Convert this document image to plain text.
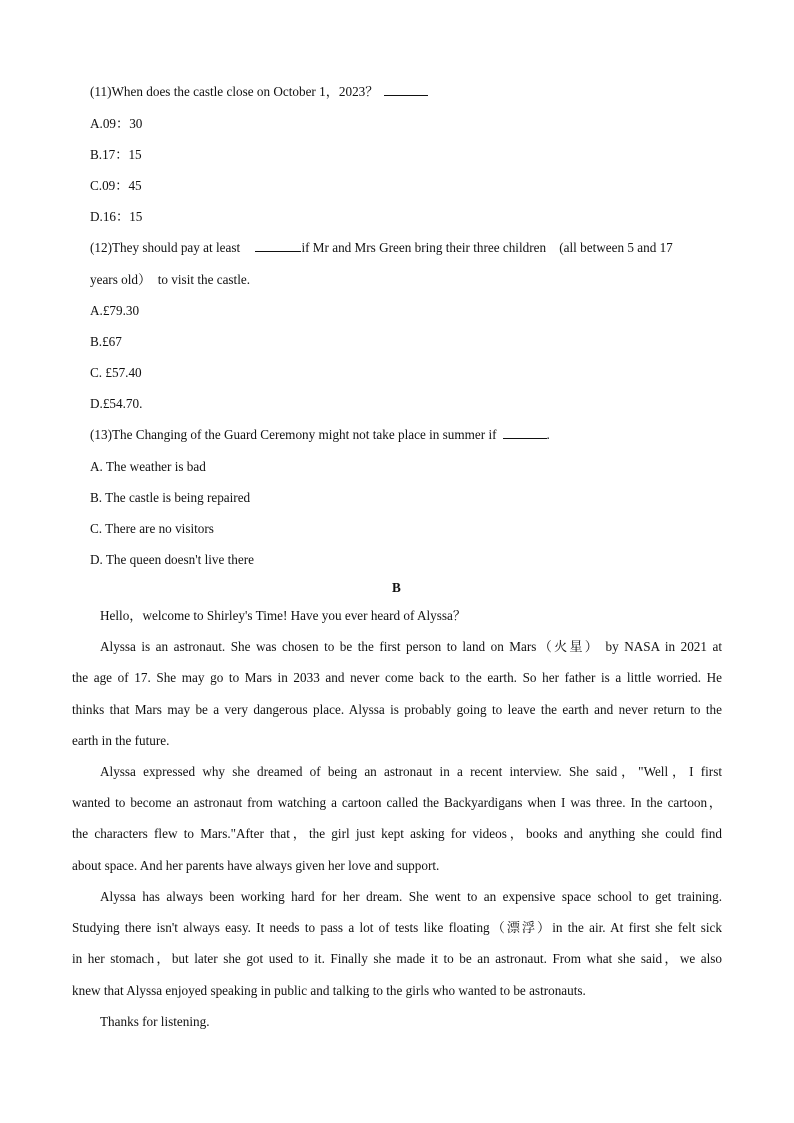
(11)When does the castle close on October 1，2023？
A.09：30
B.17：15
C.09：45
D.16：15
(12)They should pay at least	if Mr and Mrs Green bring their three children　(all between 5 and 17
years old）　to visit the castle.
A.£79.30
B.£67
C. £57.40
D.£54.70.
(13)The Changing of the Guard Ceremony might not take place in summer if	.
A. The weather is bad
B. The castle is being repaired
C. There are no visitors
D. The queen doesn't live there
B
Hello，welcome to Shirley's Time! Have you ever heard of Alyssa？
Alyssa is an astronaut. She was chosen to be the first person to land on Mars（火星） by NASA in 2021 at
the age of 17. She may go to Mars in 2033 and never come back to the earth. So her father is a little worried. He
thinks that Mars may be a very dangerous place. Alyssa is probably going to leave the earth and never return to the
earth in the future.
Alyssa expressed why she dreamed of being an astronaut in a recent interview. She said，"Well，I first
wanted to become an astronaut from watching a cartoon called the Backyardigans when I was three. In the cartoon，
the characters flew to Mars."After that，the girl just kept asking for videos，books and anything she could find
about space. And her parents have always given her love and support.
Alyssa has always been working hard for her dream. She went to an expensive space school to get training.
Studying there isn't always easy. It needs to pass a lot of tests like floating（漂浮）in the air. At first she felt sick
in her stomach，but later she got used to it. Finally she made it to be an astronaut. From what she said，we also
knew that Alyssa enjoyed speaking in public and talking to the girls who wanted to be astronauts.
Thanks for listening.
